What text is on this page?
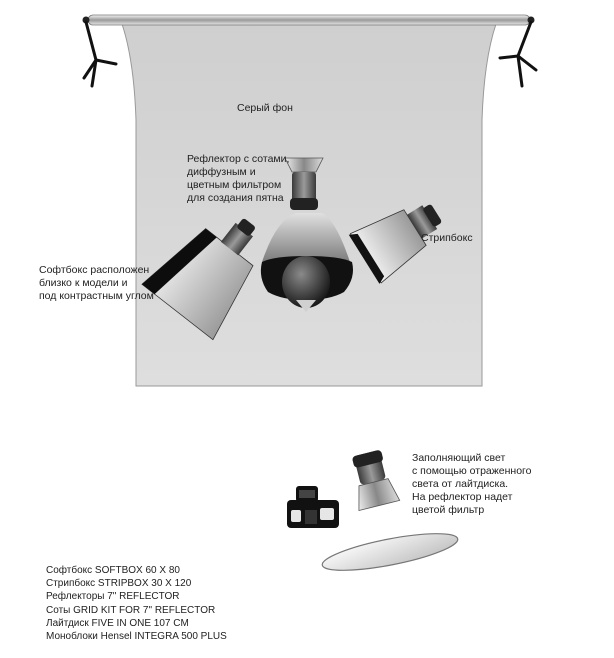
Серый фон
Рефлектор с сотами,
диффузным и
цветным фильтром
для создания пятна
Стрипбокс
Софтбокс расположен
близко к модели и
под контрастным углом
Заполняющий свет
с помощью отраженного
света от лайтдиска.
На рефлектор надет
цветой фильтр
Софтбокс SOFTBOX 60 X 80
Стрипбокс STRIPBOX 30 X 120
Рефлекторы 7" REFLECTOR
Соты GRID KIT FOR 7" REFLECTOR
Лайтдиск FIVE IN ONE 107 CM
Моноблоки Hensel INTEGRA 500 PLUS
